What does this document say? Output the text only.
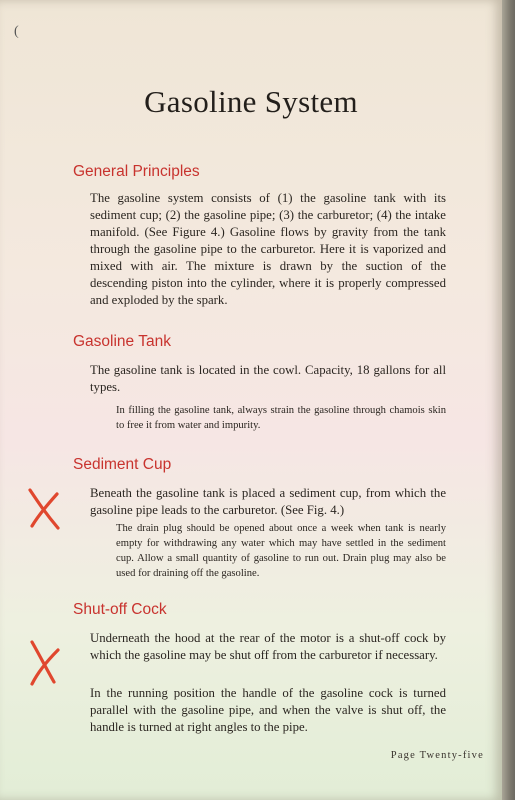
(
Gasoline System
General Principles
The gasoline system consists of (1) the gasoline tank with its sediment cup; (2) the gasoline pipe; (3) the carburetor; (4) the intake manifold. (See Figure 4.) Gasoline flows by gravity from the tank through the gasoline pipe to the carburetor. Here it is vaporized and mixed with air. The mixture is drawn by the suction of the descending piston into the cylinder, where it is properly compressed and exploded by the spark.
Gasoline Tank
The gasoline tank is located in the cowl. Capacity, 18 gallons for all types.
In filling the gasoline tank, always strain the gasoline through chamois skin to free it from water and impurity.
Sediment Cup
Beneath the gasoline tank is placed a sediment cup, from which the gasoline pipe leads to the carburetor. (See Fig. 4.)
The drain plug should be opened about once a week when tank is nearly empty for withdrawing any water which may have settled in the sediment cup. Allow a small quantity of gasoline to run out. Drain plug may also be used for draining off the gasoline.
Shut-off Cock
Underneath the hood at the rear of the motor is a shut-off cock by which the gasoline may be shut off from the carburetor if necessary.
In the running position the handle of the gasoline cock is turned parallel with the gasoline pipe, and when the valve is shut off, the handle is turned at right angles to the pipe.
Page Twenty-five
